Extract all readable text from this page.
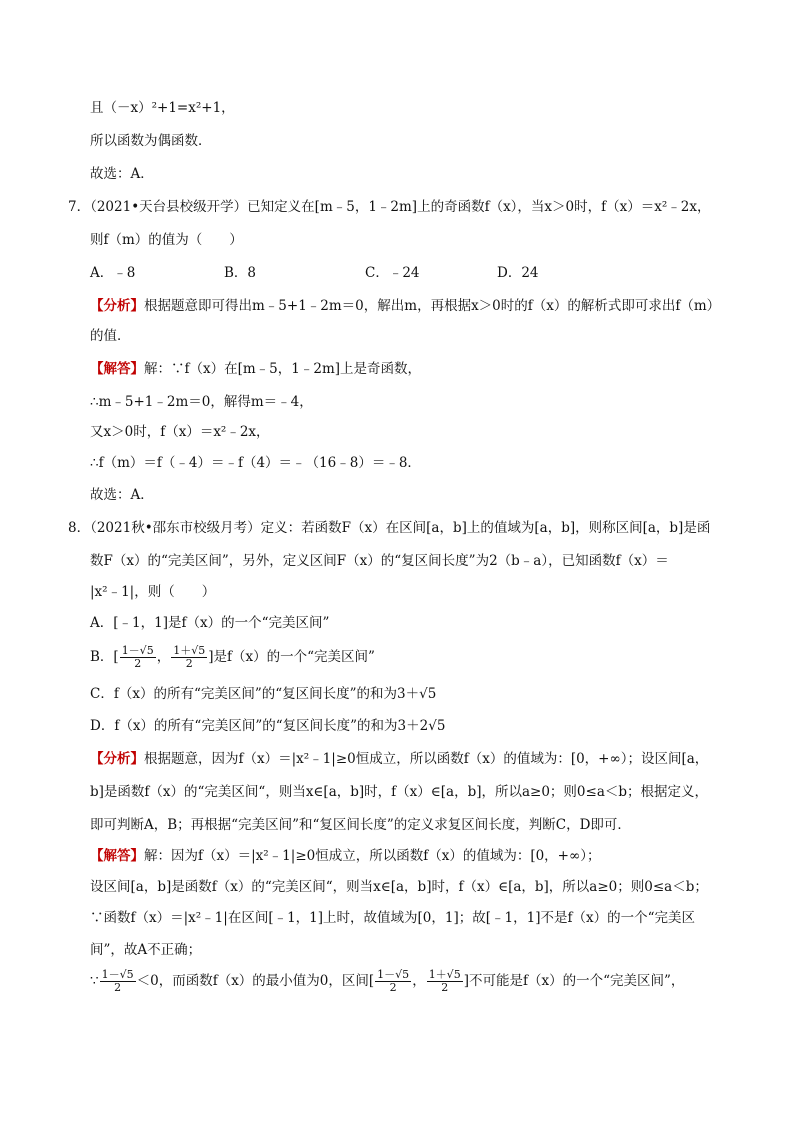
且（－x）²+1=x²+1，
所以函数为偶函数．
故选：A．
7．（2021•天台县校级开学）已知定义在[m﹣5，1﹣2m]上的奇函数f（x），当x＞0时，f（x）＝x²﹣2x，
则f（m）的值为（　　）
A．﹣8	B．8	C．﹣24	D．24
【分析】根据题意即可得出m﹣5+1﹣2m＝0，解出m，再根据x＞0时的f（x）的解析式即可求出f（m）
的值．
【解答】解：∵f（x）在[m﹣5，1﹣2m]上是奇函数，
∴m﹣5+1﹣2m＝0，解得m＝﹣4，
又x＞0时，f（x）＝x²﹣2x，
∴f（m）＝f（﹣4）＝﹣f（4）＝﹣（16﹣8）＝﹣8．
故选：A．
8．（2021秋•邵东市校级月考）定义：若函数F（x）在区间[a，b]上的值域为[a，b]，则称区间[a，b]是函
数F（x）的“完美区间”，另外，定义区间F（x）的“复区间长度”为2（b﹣a），已知函数f（x）＝
|x²﹣1|，则（　　）
A．[﹣1，1]是f（x）的一个“完美区间”
B．[ $\frac{1-√5}{2}$ ， $\frac{1+√5}{2}$ ]是f（x）的一个“完美区间”
C．f（x）的所有“完美区间”的“复区间长度”的和为3＋√5
D．f（x）的所有“完美区间”的“复区间长度”的和为3＋2√5
【分析】根据题意，因为f（x）＝|x²﹣1|≥0恒成立，所以函数f（x）的值域为：[0，+∞）；设区间[a，
b]是函数f（x）的“完美区间“，则当x∈[a，b]时，f（x）∈[a，b]，所以a≥0；则0≤a＜b；根据定义，
即可判断A，B；再根据“完美区间”和“复区间长度”的定义求复区间长度，判断C，D即可．
【解答】解：因为f（x）＝|x²﹣1|≥0恒成立，所以函数f（x）的值域为：[0，+∞）；
设区间[a，b]是函数f（x）的“完美区间“，则当x∈[a，b]时，f（x）∈[a，b]，所以a≥0；则0≤a＜b；
∵函数f（x）＝|x²﹣1|在区间[﹣1，1]上时，故值域为[0，1]；故[﹣1，1]不是f（x）的一个“完美区
间”，故A不正确；
∵ $\frac{1-√5}{2} <0$，而函数f（x）的最小值为0，区间[ $\frac{1-√5}{2}$ ， $\frac{1+√5}{2}$ ]不可能是f（x）的一个“完美区间”，
